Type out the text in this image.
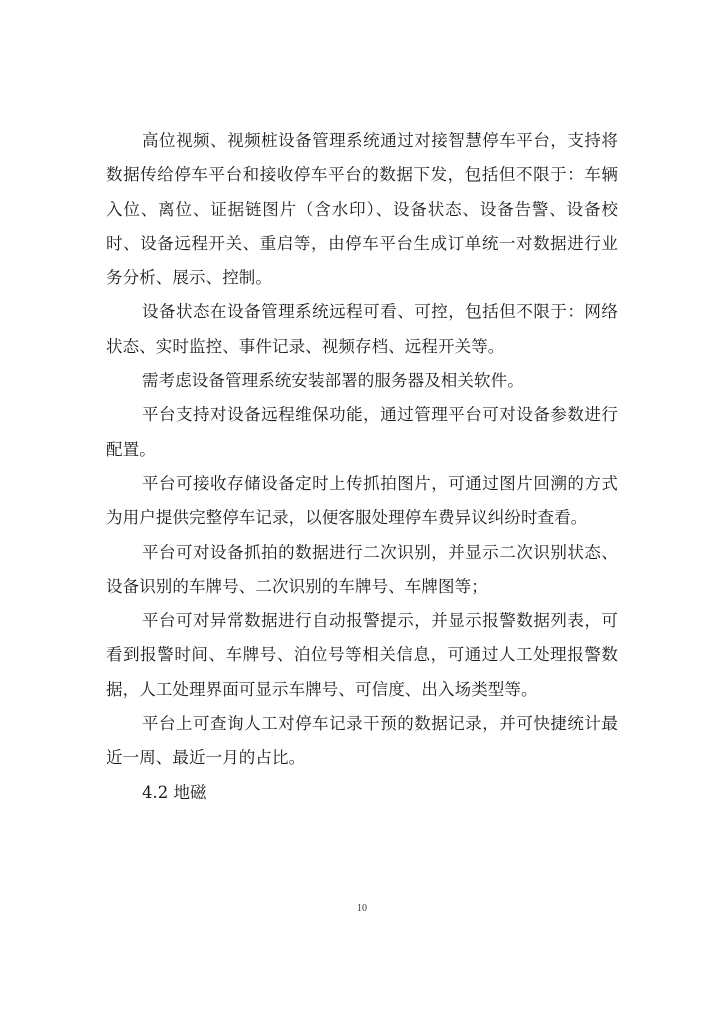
高位视频、视频桩设备管理系统通过对接智慧停车平台，支持将数据传给停车平台和接收停车平台的数据下发，包括但不限于：车辆入位、离位、证据链图片（含水印）、设备状态、设备告警、设备校时、设备远程开关、重启等，由停车平台生成订单统一对数据进行业务分析、展示、控制。

设备状态在设备管理系统远程可看、可控，包括但不限于：网络状态、实时监控、事件记录、视频存档、远程开关等。

需考虑设备管理系统安装部署的服务器及相关软件。

平台支持对设备远程维保功能，通过管理平台可对设备参数进行配置。

平台可接收存储设备定时上传抓拍图片，可通过图片回溯的方式为用户提供完整停车记录，以便客服处理停车费异议纠纷时查看。

平台可对设备抓拍的数据进行二次识别，并显示二次识别状态、设备识别的车牌号、二次识别的车牌号、车牌图等；

平台可对异常数据进行自动报警提示，并显示报警数据列表，可看到报警时间、车牌号、泊位号等相关信息，可通过人工处理报警数据，人工处理界面可显示车牌号、可信度、出入场类型等。

平台上可查询人工对停车记录干预的数据记录，并可快捷统计最近一周、最近一月的占比。

4.2 地磁

10
